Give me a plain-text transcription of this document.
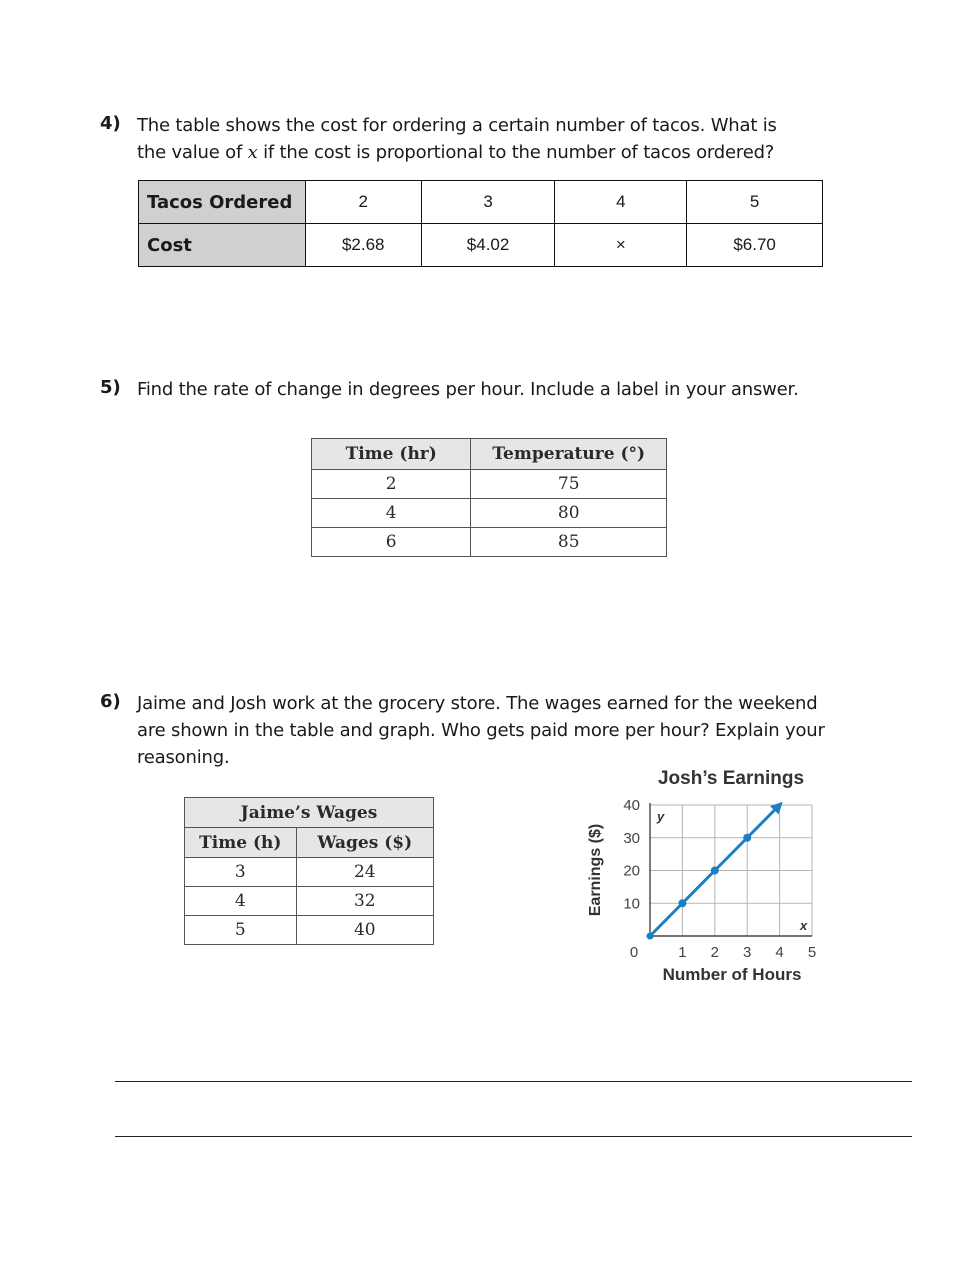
4) The table shows the cost for ordering a certain number of tacos. What is
the value of x if the cost is proportional to the number of tacos ordered?
Tacos Ordered	2	3	4	5
Cost	$2.68	$4.02	×	$6.70
5) Find the rate of change in degrees per hour. Include a label in your answer.
Time (hr)	Temperature (°)
2	75
4	80
6	85
6) Jaime and Josh work at the grocery store. The wages earned for the weekend
are shown in the table and graph. Who gets paid more per hour? Explain your
reasoning.
Jaime’s Wages	
Time (h)	Wages ($)
3	24
4	32
5	40
Josh’s Earnings
1 2 3 4 5
10
20
30
40
0
x
y
Number of Hours
Earnings ($)
